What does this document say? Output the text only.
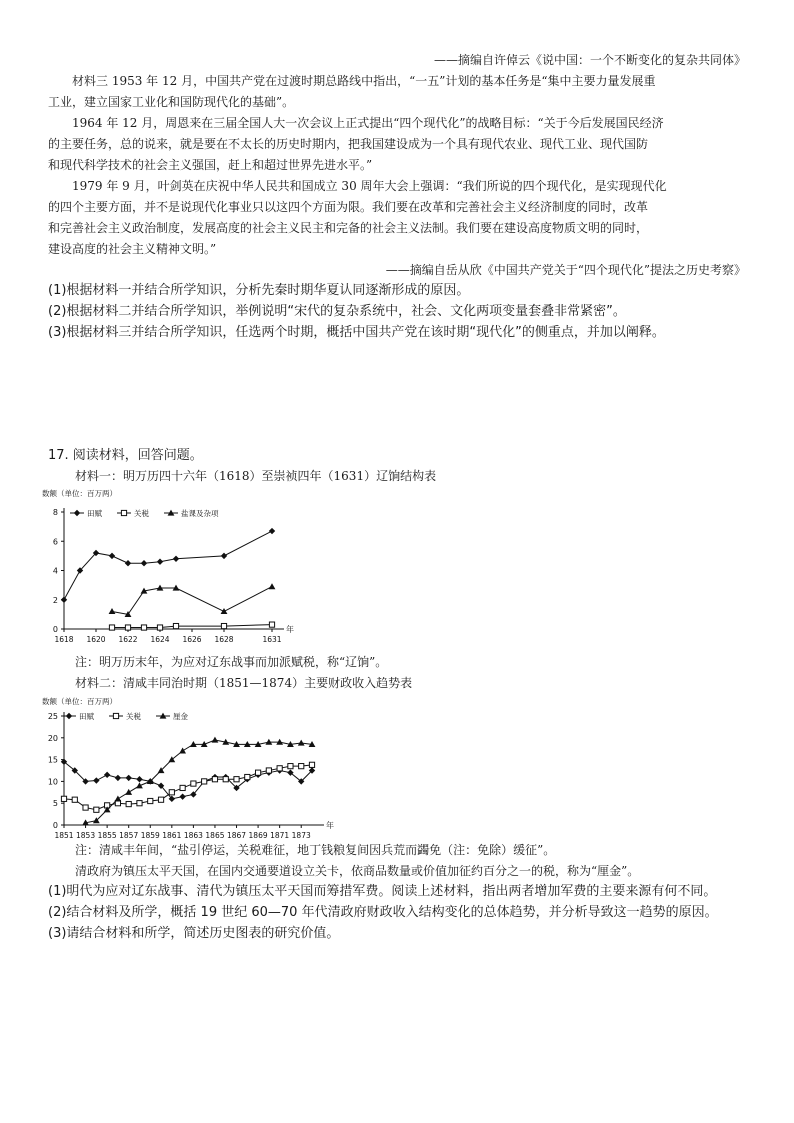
——摘编自许倬云《说中国：一个不断变化的复杂共同体》
材料三 1953 年 12 月，中国共产党在过渡时期总路线中指出，“一五”计划的基本任务是“集中主要力量发展重
工业，建立国家工业化和国防现代化的基础”。
1964 年 12 月，周恩来在三届全国人大一次会议上正式提出“四个现代化”的战略目标：“关于今后发展国民经济
的主要任务，总的说来，就是要在不太长的历史时期内，把我国建设成为一个具有现代农业、现代工业、现代国防
和现代科学技术的社会主义强国，赶上和超过世界先进水平。”
1979 年 9 月，叶剑英在庆祝中华人民共和国成立 30 周年大会上强调：“我们所说的四个现代化，是实现现代化
的四个主要方面，并不是说现代化事业只以这四个方面为限。我们要在改革和完善社会主义经济制度的同时，改革
和完善社会主义政治制度，发展高度的社会主义民主和完备的社会主义法制。我们要在建设高度物质文明的同时，
建设高度的社会主义精神文明。”
——摘编自岳从欣《中国共产党关于“四个现代化”提法之历史考察》
(1)根据材料一并结合所学知识，分析先秦时期华夏认同逐渐形成的原因。
(2)根据材料二并结合所学知识，举例说明“宋代的复杂系统中，社会、文化两项变量套叠非常紧密”。
(3)根据材料三并结合所学知识，任选两个时期，概括中国共产党在该时期“现代化”的侧重点，并加以阐释。
17. 阅读材料，回答问题。
材料一：明万历四十六年（1618）至崇祯四年（1631）辽饷结构表
数额（单位：百万两）
年
0
2
4
6
8
1618 1620 1622 1624 1626 1628	1631
田赋	关税	盐课及杂项
注：明万历末年，为应对辽东战事而加派赋税，称“辽饷”。
材料二：清咸丰同治时期（1851—1874）主要财政收入趋势表
数额（单位：百万两）
年
0
5
10
15
20
25
1851 1853 1855 1857 1859 1861 1863 1865 1867 1869 1871 1873
田赋	关税	厘金
注：清咸丰年间，“盐引停运，关税难征，地丁钱粮复间因兵荒而蠲免（注：免除）缓征”。
清政府为镇压太平天国，在国内交通要道设立关卡，依商品数量或价值加征约百分之一的税，称为“厘金”。
(1)明代为应对辽东战事、清代为镇压太平天国而筹措军费。阅读上述材料，指出两者增加军费的主要来源有何不同。
(2)结合材料及所学，概括 19 世纪 60—70 年代清政府财政收入结构变化的总体趋势，并分析导致这一趋势的原因。
(3)请结合材料和所学，简述历史图表的研究价值。
